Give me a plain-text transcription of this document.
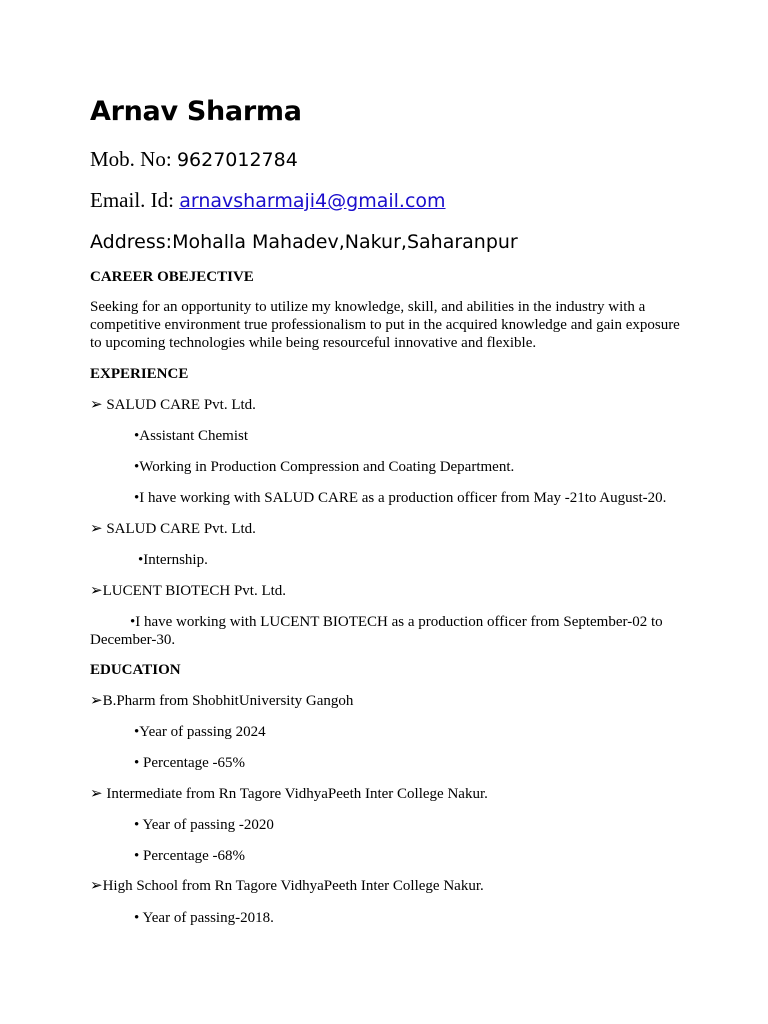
Arnav Sharma

Mob. No: 9627012784

Email. Id: arnavsharmaji4@gmail.com

Address:Mohalla Mahadev,Nakur,Saharanpur

CAREER OBEJECTIVE

Seeking for an opportunity to utilize my knowledge, skill, and abilities in the industry with a competitive environment true professionalism to put in the acquired knowledge and gain exposure to upcoming technologies while being resourceful innovative and flexible.

EXPERIENCE

➢ SALUD CARE Pvt. Ltd.

•Assistant Chemist

•Working in Production Compression and Coating Department.

•I have working with SALUD CARE as a production officer from May -21to August-20.

➢ SALUD CARE Pvt. Ltd.

•Internship.

➢LUCENT BIOTECH Pvt. Ltd.

•I have working with LUCENT BIOTECH as a production officer from September-02 to December-30.

EDUCATION

➢B.Pharm from ShobhitUniversity Gangoh

•Year of passing 2024

• Percentage -65%

➢ Intermediate from Rn Tagore VidhyaPeeth Inter College Nakur.

• Year of passing -2020

• Percentage -68%

➢High School from Rn Tagore VidhyaPeeth Inter College Nakur.

• Year of passing-2018.
